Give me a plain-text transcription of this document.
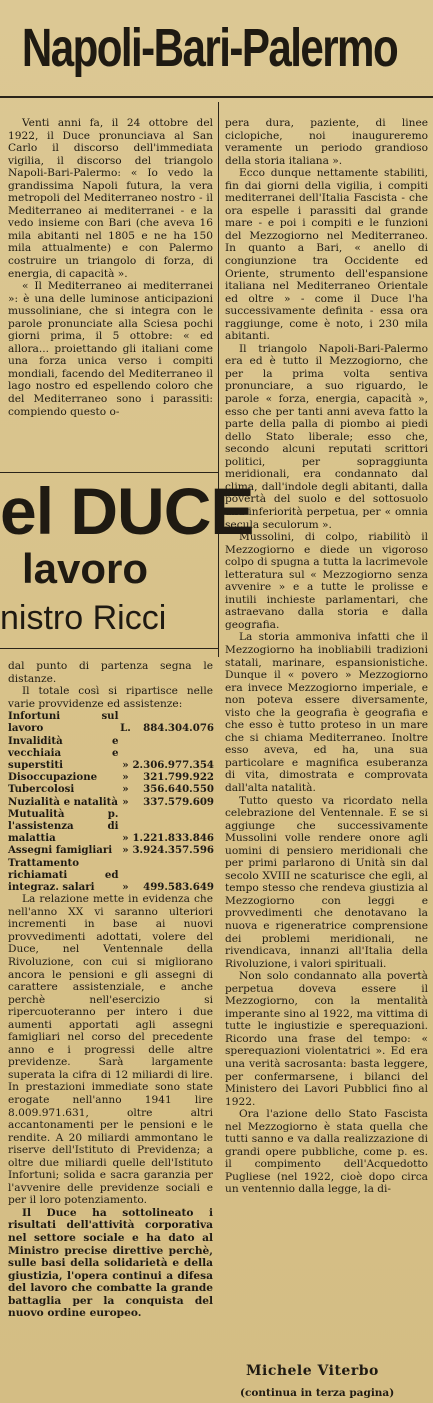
Napoli-Bari-Palermo

Venti anni fa, il 24 ottobre del 1922, il Duce pronunciava al San Carlo il discorso dell'immediata vigilia, il discorso del triangolo Napoli-Bari-Palermo: « Io vedo la grandissima Napoli futura, la vera metropoli del Mediterraneo nostro - il Mediterraneo ai mediterranei - e la vedo insieme con Bari (che aveva 16 mila abitanti nel 1805 e ne ha 150 mila attualmente) e con Palermo costruire un triangolo di forza, di energia, di capacità ».

« Il Mediterraneo ai mediterranei »: è una delle luminose anticipazioni mussoliniane, che si integra con le parole pronunciate alla Sciesa pochi giorni prima, il 5 ottobre: « ed allora... proiettando gli italiani come una forza unica verso i compiti mondiali, facendo del Mediterraneo il lago nostro ed espellendo coloro che del Mediterraneo sono i parassiti: compiendo questo o-

pera dura, paziente, di linee ciclopiche, noi inaugureremo veramente un periodo grandioso della storia italiana ».

Ecco dunque nettamente stabiliti, fin dai giorni della vigilia, i compiti mediterranei dell'Italia Fascista - che ora espelle i parassiti dal grande mare - e poi i compiti e le funzioni del Mezzogiorno nel Mediterraneo. In quanto a Bari, « anello di congiunzione tra Occidente ed Oriente, strumento dell'espansione italiana nel Mediterraneo Orientale ed oltre » - come il Duce l'ha successivamente definita - essa ora raggiunge, come è noto, i 230 mila abitanti.

Il triangolo Napoli-Bari-Palermo era ed è tutto il Mezzogiorno, che per la prima volta sentiva pronunciare, a suo riguardo, le parole « forza, energia, capacità », esso che per tanti anni aveva fatto la parte della palla di piombo ai piedi dello Stato liberale; esso che, secondo alcuni reputati scrittori politici, per sopraggiunta meridionali, era condannato dal clima, dall'indole degli abitanti, dalla povertà del suolo e del sottosuolo alla inferiorità perpetua, per « omnia secula seculorum ».

Mussolini, di colpo, riabilitò il Mezzogiorno e diede un vigoroso colpo di spugna a tutta la lacrimevole letteratura sul « Mezzogiorno senza avvenire » e a tutte le prolisse e inutili inchieste parlamentari, che astraevano dalla storia e dalla geografia.

La storia ammoniva infatti che il Mezzogiorno ha inobliabili tradizioni statali, marinare, espansionistiche. Dunque il « povero » Mezzogiorno era invece Mezzogiorno imperiale, e non poteva essere diversamente, visto che la geografia è geografia e che esso è tutto proteso in un mare che si chiama Mediterraneo. Inoltre esso aveva, ed ha, una sua particolare e magnifica esuberanza di vita, dimostrata e comprovata dall'alta natalità.

Tutto questo va ricordato nella celebrazione del Ventennale. E se si aggiunge che successivamente Mussolini volle rendere onore agli uomini di pensiero meridionali che per primi parlarono di Unità sin dal secolo XVIII ne scaturisce che egli, al tempo stesso che rendeva giustizia al Mezzogiorno con leggi e provvedimenti che denotavano la nuova e rigeneratrice comprensione dei problemi meridionali, ne rivendicava, innanzi all'Italia della Rivoluzione, i valori spirituali.

Non solo condannato alla povertà perpetua doveva essere il Mezzogiorno, con la mentalità imperante sino al 1922, ma vittima di tutte le ingiustizie e sperequazioni. Ricordo una frase del tempo: « sperequazioni violentatrici ». Ed era una verità sacrosanta: basta leggere, per confermarsene, i bilanci del Ministero dei Lavori Pubblici fino al 1922.

Ora l'azione dello Stato Fascista nel Mezzogiorno è stata quella che tutti sanno e va dalla realizzazione di grandi opere pubbliche, come p. es. il compimento dell'Acquedotto Pugliese (nel 1922, cioè dopo circa un ventennio dalla legge, la di-

el DUCE
lavoro
nistro Ricci

dal punto di partenza segna le distanze.

Il totale così si ripartisce nelle varie provvidenze ed assistenze:

Infortuni sul lavoro	L.	884.304.076
Invalidità e vecchiaia e superstiti	»	2.306.977.354
Disoccupazione	»	321.799.922
Tubercolosi	»	356.640.550
Nuzialità e natalità	»	337.579.609
Mutualità p. l'assistenza di malattia	»	1.221.833.846
Assegni famigliari	»	3.924.357.596
Trattamento richiamati ed integraz. salari	»	499.583.649

La relazione mette in evidenza che nell'anno XX vi saranno ulteriori incrementi in base ai nuovi provvedimenti adottati, volere del Duce, nel Ventennale della Rivoluzione, con cui si migliorano ancora le pensioni e gli assegni di carattere assistenziale, e anche perchè nell'esercizio si ripercuoteranno per intero i due aumenti apportati agli assegni famigliari nel corso del precedente anno e i progressi delle altre previdenze. Sarà largamente superata la cifra di 12 miliardi di lire. In prestazioni immediate sono state erogate nell'anno 1941 lire 8.009.971.631, oltre altri accantonamenti per le pensioni e le rendite. A 20 miliardi ammontano le riserve dell'Istituto di Previdenza; a oltre due miliardi quelle dell'Istituto Infortuni; solida e sacra garanzia per l'avvenire delle previdenze sociali e per il loro potenziamento.

Il Duce ha sottolineato i risultati dell'attività corporativa nel settore sociale e ha dato al Ministro precise direttive perchè, sulle basi della solidarietà e della giustizia, l'opera continui a difesa del lavoro che combatte la grande battaglia per la conquista del nuovo ordine europeo.

Michele Viterbo
(continua in terza pagina)
